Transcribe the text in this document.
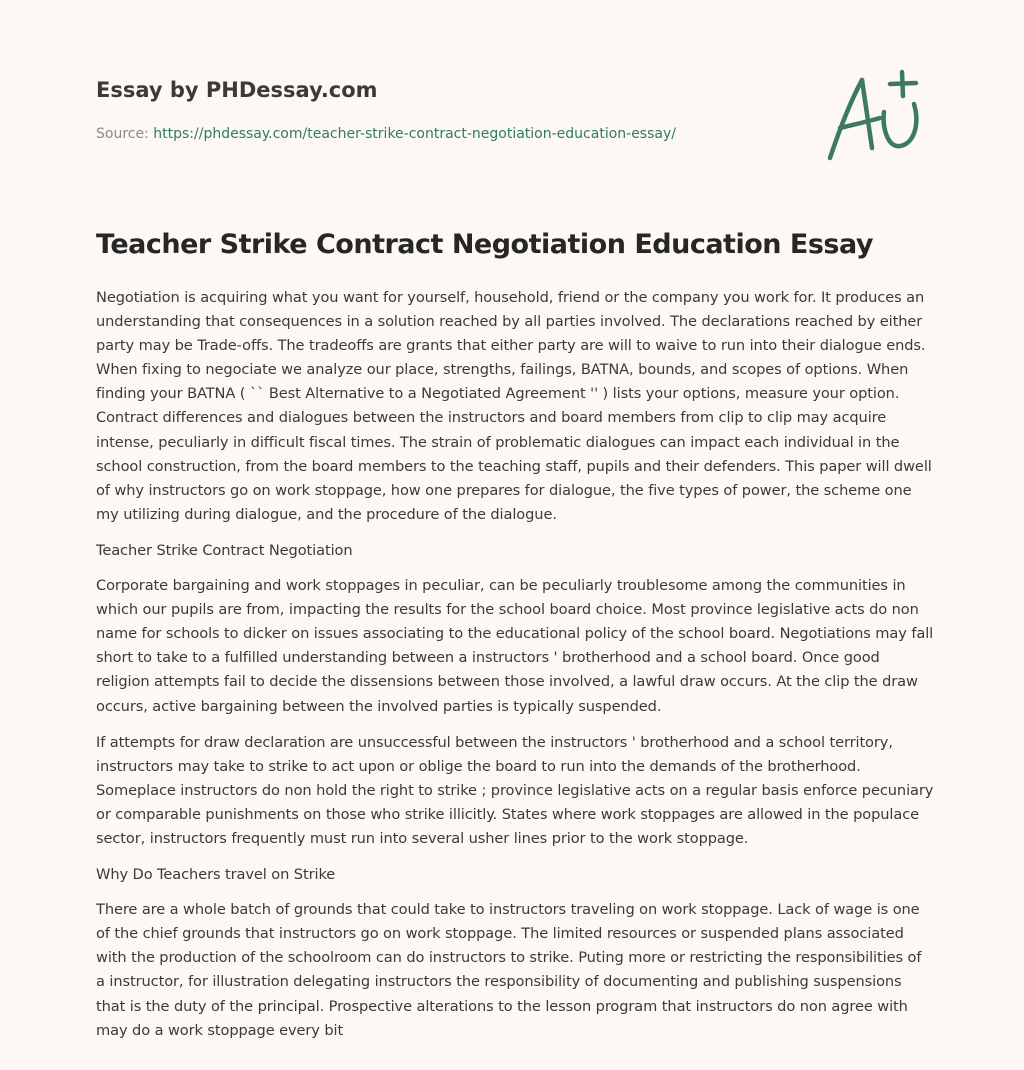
Essay by PHDessay.com
Source: https://phdessay.com/teacher-strike-contract-negotiation-education-essay/
Teacher Strike Contract Negotiation Education Essay

Negotiation is acquiring what you want for yourself, household, friend or the company you work for. It produces an understanding that consequences in a solution reached by all parties involved. The declarations reached by either party may be Trade-offs. The tradeoffs are grants that either party are will to waive to run into their dialogue ends. When fixing to negociate we analyze our place, strengths, failings, BATNA, bounds, and scopes of options. When finding your BATNA ( `` Best Alternative to a Negotiated Agreement '' ) lists your options, measure your option. Contract differences and dialogues between the instructors and board members from clip to clip may acquire intense, peculiarly in difficult fiscal times. The strain of problematic dialogues can impact each individual in the school construction, from the board members to the teaching staff, pupils and their defenders. This paper will dwell of why instructors go on work stoppage, how one prepares for dialogue, the five types of power, the scheme one my utilizing during dialogue, and the procedure of the dialogue.

Teacher Strike Contract Negotiation

Corporate bargaining and work stoppages in peculiar, can be peculiarly troublesome among the communities in which our pupils are from, impacting the results for the school board choice. Most province legislative acts do non name for schools to dicker on issues associating to the educational policy of the school board. Negotiations may fall short to take to a fulfilled understanding between a instructors ' brotherhood and a school board. Once good religion attempts fail to decide the dissensions between those involved, a lawful draw occurs. At the clip the draw occurs, active bargaining between the involved parties is typically suspended.

If attempts for draw declaration are unsuccessful between the instructors ' brotherhood and a school territory, instructors may take to strike to act upon or oblige the board to run into the demands of the brotherhood. Someplace instructors do non hold the right to strike ; province legislative acts on a regular basis enforce pecuniary or comparable punishments on those who strike illicitly. States where work stoppages are allowed in the populace sector, instructors frequently must run into several usher lines prior to the work stoppage.

Why Do Teachers travel on Strike

There are a whole batch of grounds that could take to instructors traveling on work stoppage. Lack of wage is one of the chief grounds that instructors go on work stoppage. The limited resources or suspended plans associated with the production of the schoolroom can do instructors to strike. Puting more or restricting the responsibilities of a instructor, for illustration delegating instructors the responsibility of documenting and publishing suspensions that is the duty of the principal. Prospective alterations to the lesson program that instructors do non agree with may do a work stoppage every bit
